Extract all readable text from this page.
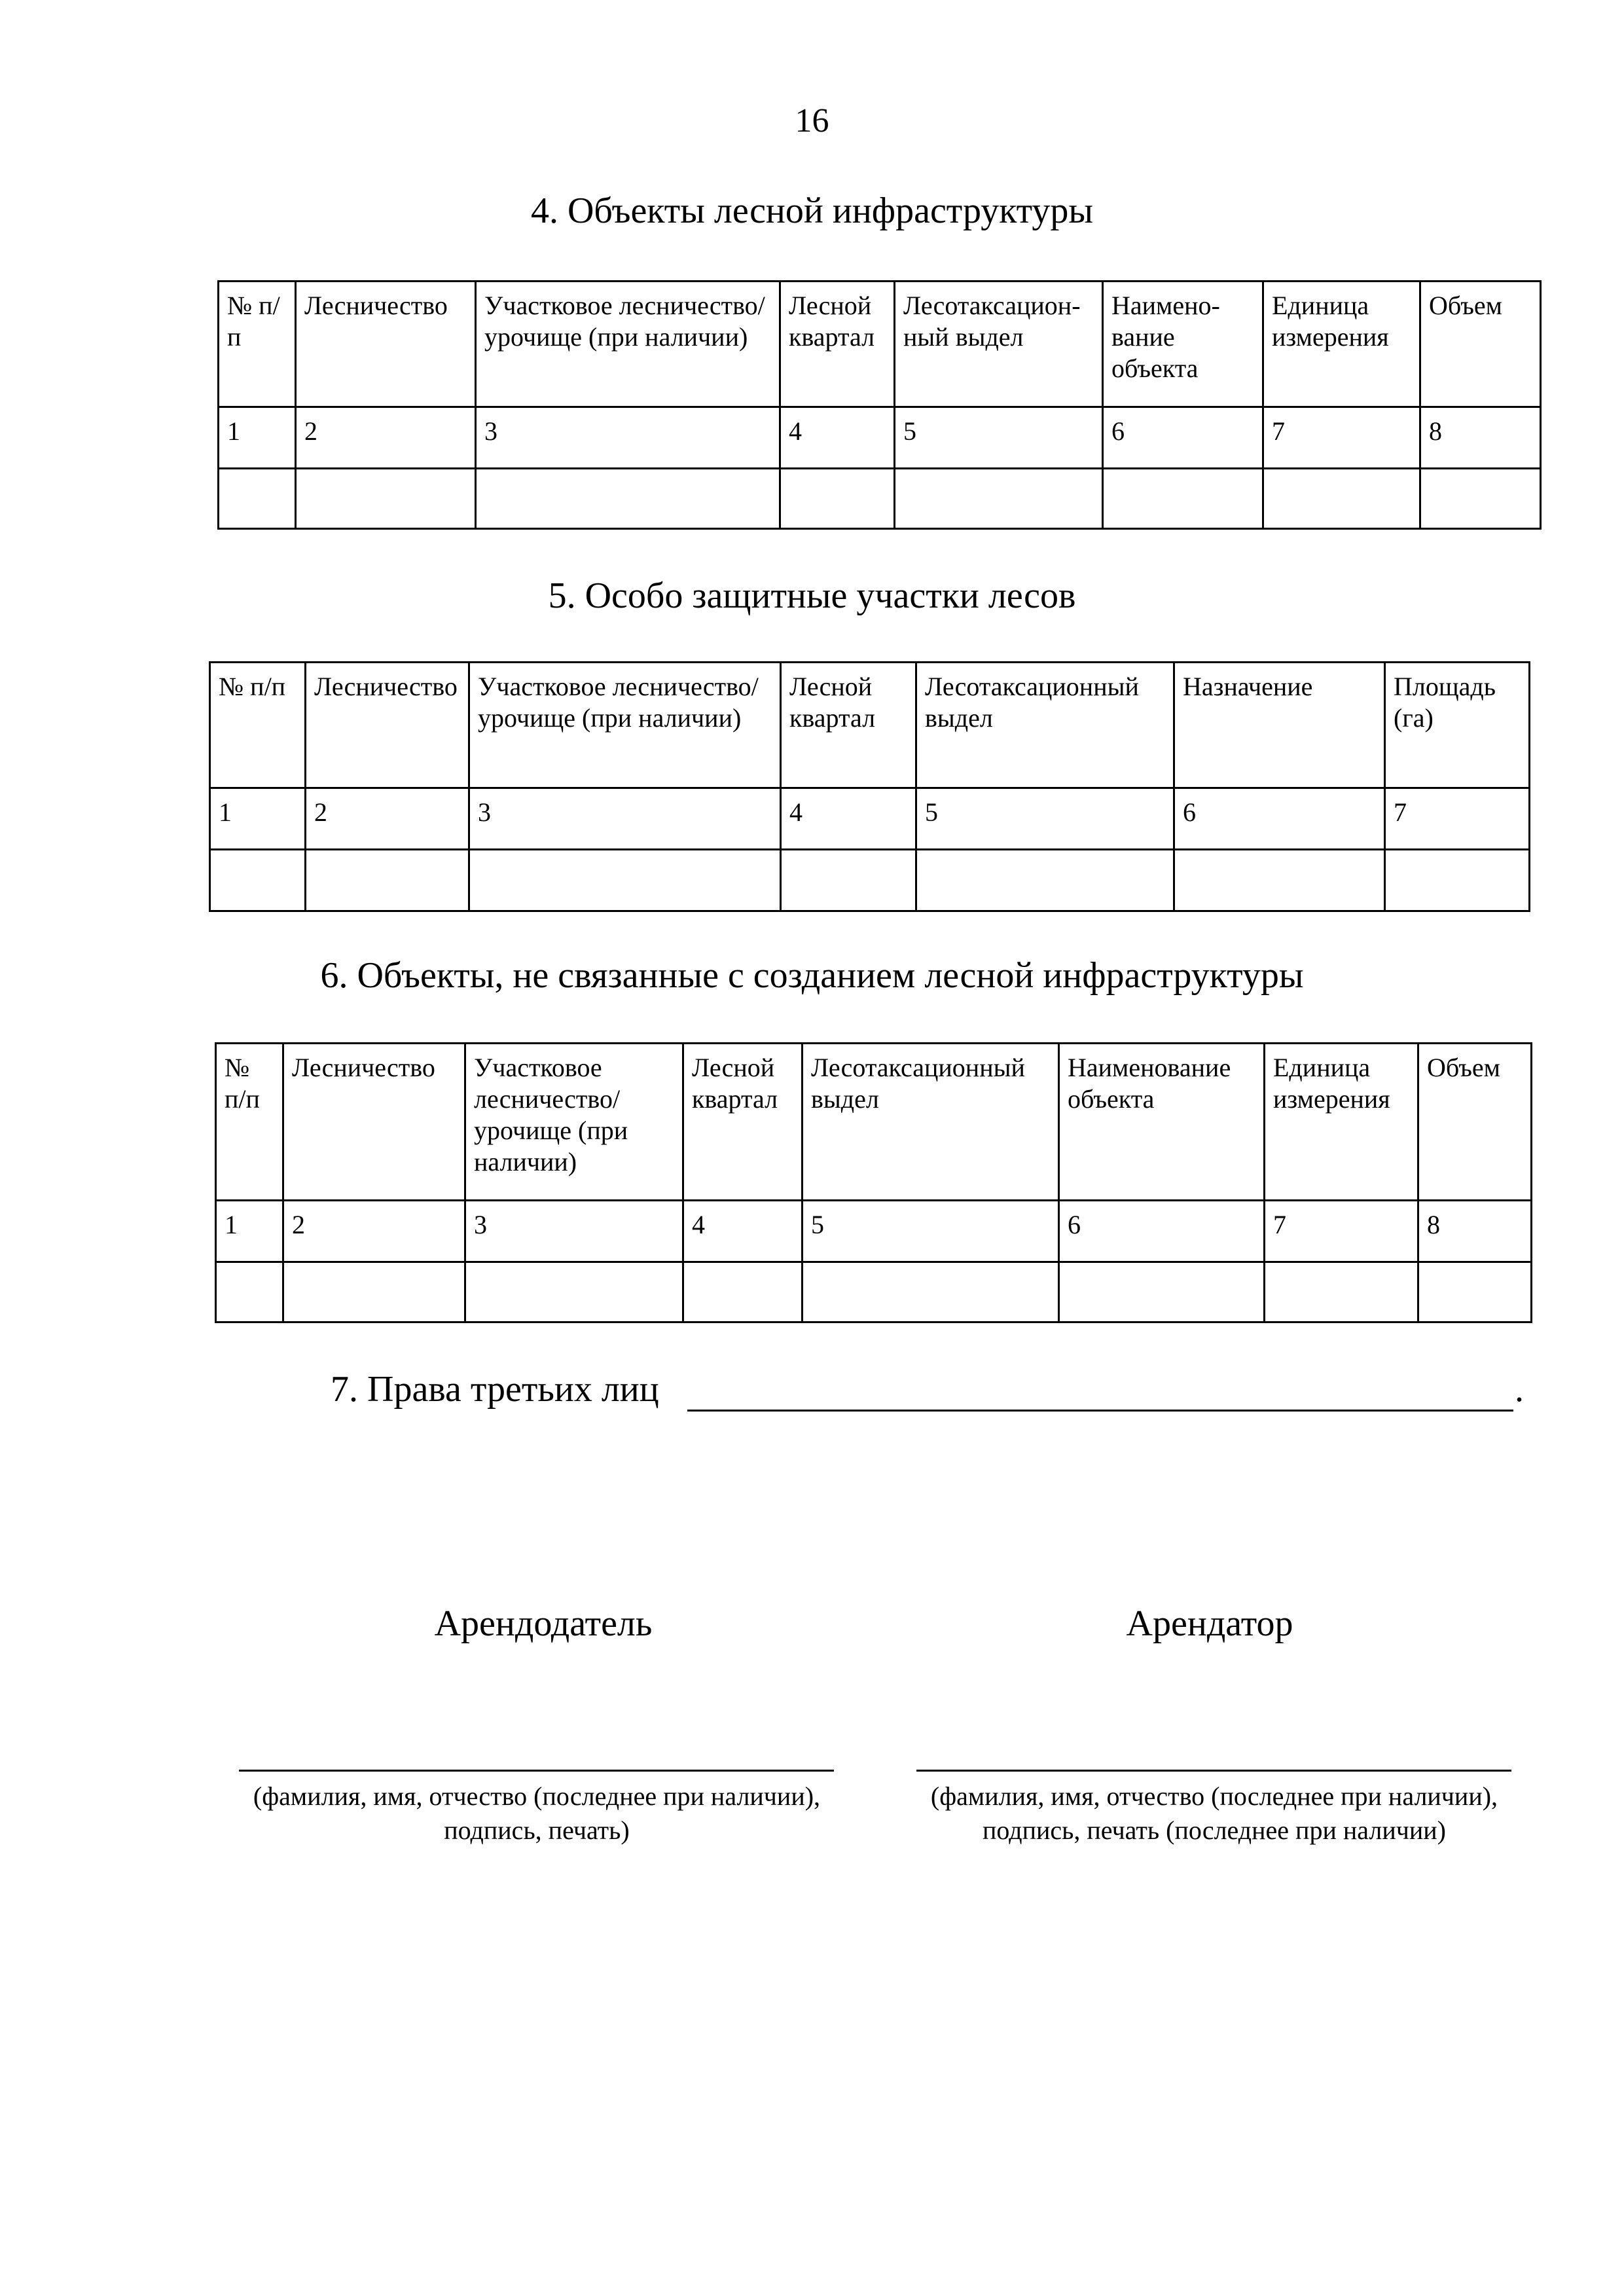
16
4. Объекты лесной инфраструктуры
№ п/п	Лесничество	Участковое лесничество/урочище (при наличии)	Лесной квартал	Лесотаксацион-ный выдел	Наимено-вание объекта	Единица измерения	Объем
1	2	3	4	5	6	7	8

5. Особо защитные участки лесов
№ п/п	Лесничество	Участковое лесничество/урочище (при наличии)	Лесной квартал	Лесотаксационный выдел	Назначение	Площадь (га)
1	2	3	4	5	6	7

6. Объекты, не связанные с созданием лесной инфраструктуры
№ п/п	Лесничество	Участковое лесничество/ урочище (при наличии)	Лесной квартал	Лесотаксационный выдел	Наименование объекта	Единица измерения	Объем
1	2	3	4	5	6	7	8

7. Права третьих лиц	.
Арендодатель	Арендатор
(фамилия, имя, отчество (последнее при наличии),
подпись, печать)
(фамилия, имя, отчество (последнее при наличии),
подпись, печать (последнее при наличии)
